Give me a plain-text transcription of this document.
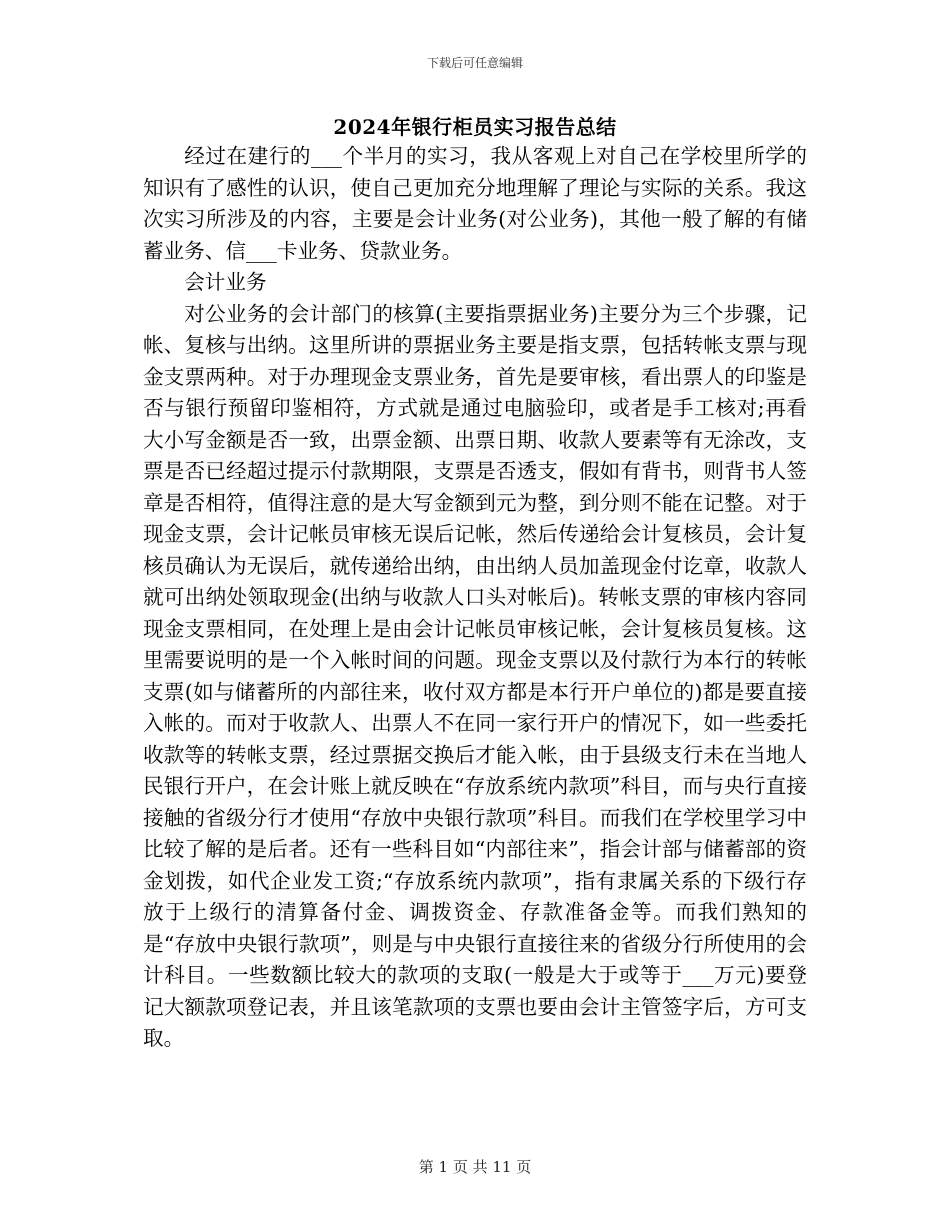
下载后可任意编辑
2024年银行柜员实习报告总结

经过在建行的___个半月的实习，我从客观上对自己在学校里所学的知识有了感性的认识，使自己更加充分地理解了理论与实际的关系。我这次实习所涉及的内容，主要是会计业务(对公业务)，其他一般了解的有储蓄业务、信___卡业务、贷款业务。

会计业务

对公业务的会计部门的核算(主要指票据业务)主要分为三个步骤，记帐、复核与出纳。这里所讲的票据业务主要是指支票，包括转帐支票与现金支票两种。对于办理现金支票业务，首先是要审核，看出票人的印鉴是否与银行预留印鉴相符，方式就是通过电脑验印，或者是手工核对;再看大小写金额是否一致，出票金额、出票日期、收款人要素等有无涂改，支票是否已经超过提示付款期限，支票是否透支，假如有背书，则背书人签章是否相符，值得注意的是大写金额到元为整，到分则不能在记整。对于现金支票，会计记帐员审核无误后记帐，然后传递给会计复核员，会计复核员确认为无误后，就传递给出纳，由出纳人员加盖现金付讫章，收款人就可出纳处领取现金(出纳与收款人口头对帐后)。转帐支票的审核内容同现金支票相同，在处理上是由会计记帐员审核记帐，会计复核员复核。这里需要说明的是一个入帐时间的问题。现金支票以及付款行为本行的转帐支票(如与储蓄所的内部往来，收付双方都是本行开户单位的)都是要直接入帐的。而对于收款人、出票人不在同一家行开户的情况下，如一些委托收款等的转帐支票，经过票据交换后才能入帐，由于县级支行未在当地人民银行开户，在会计账上就反映在“存放系统内款项”科目，而与央行直接接触的省级分行才使用“存放中央银行款项”科目。而我们在学校里学习中比较了解的是后者。还有一些科目如“内部往来”，指会计部与储蓄部的资金划拨，如代企业发工资;“存放系统内款项”，指有隶属关系的下级行存放于上级行的清算备付金、调拨资金、存款准备金等。而我们熟知的是“存放中央银行款项”，则是与中央银行直接往来的省级分行所使用的会计科目。一些数额比较大的款项的支取(一般是大于或等于___万元)要登记大额款项登记表，并且该笔款项的支票也要由会计主管签字后，方可支取。

第 1 页 共 11 页
